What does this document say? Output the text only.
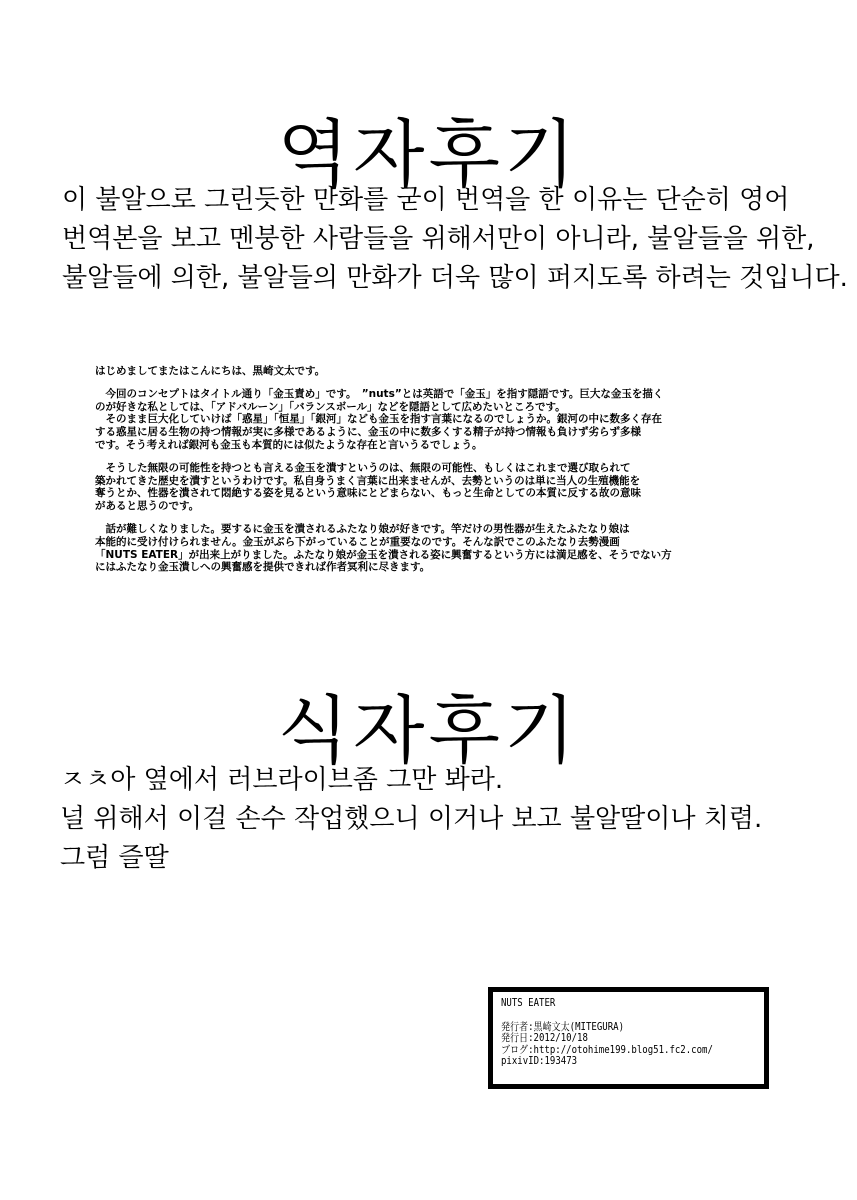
역자후기
이 불알으로 그린듯한 만화를 굳이 번역을 한 이유는 단순히 영어
번역본을 보고 멘붕한 사람들을 위해서만이 아니라, 불알들을 위한,
불알들에 의한, 불알들의 만화가 더욱 많이 퍼지도록 하려는 것입니다.
はじめましてまたはこんにちは、黒崎文太です。
　今回のコンセプトはタイトル通り「金玉責め」です。　”nuts”とは英語で「金玉」を指す隠語です。巨大な金玉を描く
のが好きな私としては、「アドバルーン」「バランスボール」などを隠語として広めたいところです。
　そのまま巨大化していけば「惑星」「恒星」「銀河」なども金玉を指す言葉になるのでしょうか。銀河の中に数多く存在
する惑星に居る生物の持つ情報が実に多様であるように、金玉の中に数多くする精子が持つ情報も負けず劣らず多様
です。そう考えれば銀河も金玉も本質的には似たような存在と言いうるでしょう。
　そうした無限の可能性を持つとも言える金玉を潰すというのは、無限の可能性、もしくはこれまで選び取られて
築かれてきた歴史を潰すというわけです。私自身うまく言葉に出来ませんが、去勢というのは単に当人の生殖機能を
奪うとか、性器を潰されて悶絶する姿を見るという意味にとどまらない、もっと生命としての本質に反する故の意味
があると思うのです。
　話が難しくなりました。要するに金玉を潰されるふたなり娘が好きです。竿だけの男性器が生えたふたなり娘は
本能的に受け付けられません。金玉がぶら下がっていることが重要なのです。そんな訳でこのふたなり去勢漫画
「NUTS EATER」が出来上がりました。ふたなり娘が金玉を潰される姿に興奮するという方には満足感を、そうでない方
にはふたなり金玉潰しへの興奮感を提供できれば作者冥利に尽きます。
식자후기
ㅈㅊ아 옆에서 러브라이브좀 그만 봐라.
널 위해서 이걸 손수 작업했으니 이거나 보고 불알딸이나 치렴.
그럼 즐딸
NUTS EATER
発行者:黒崎文太(MITEGURA)
発行日:2012/10/18
ブログ:http://otohime199.blog51.fc2.com/
pixivID:193473
